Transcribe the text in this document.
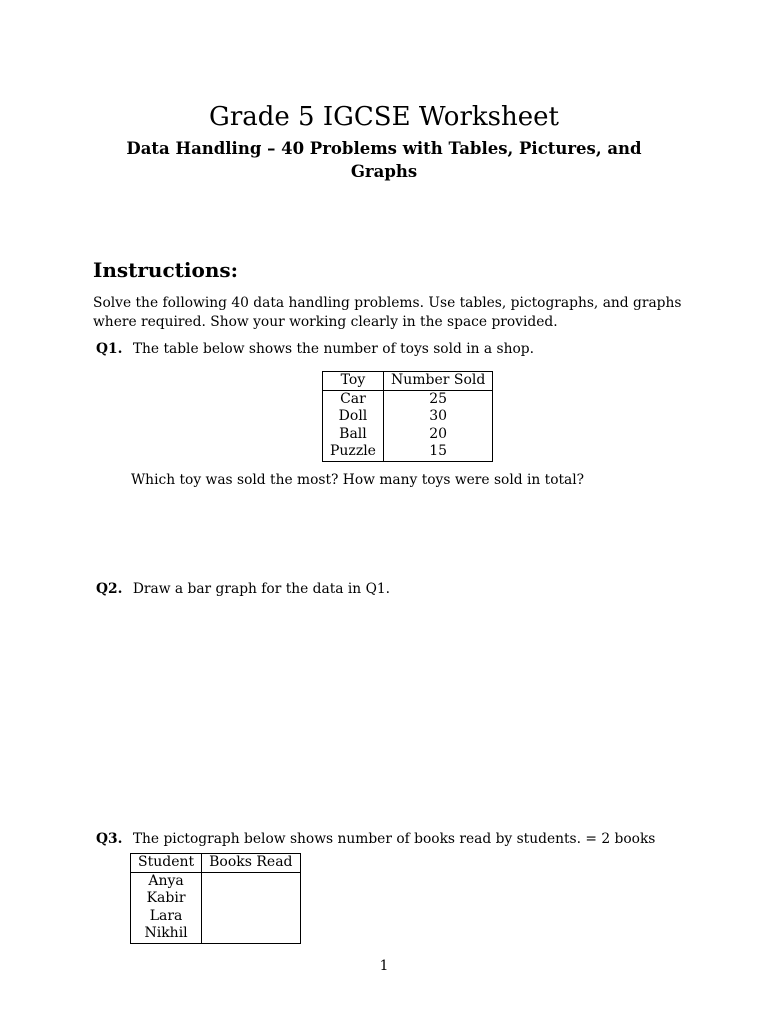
Grade 5 IGCSE Worksheet
Data Handling – 40 Problems with Tables, Pictures, and Graphs
Instructions:
Solve the following 40 data handling problems. Use tables, pictographs, and graphs where required. Show your working clearly in the space provided.
Q1. The table below shows the number of toys sold in a shop.
Toy	Number Sold
Car	25
Doll	30
Ball	20
Puzzle	15
Which toy was sold the most? How many toys were sold in total?
Q2. Draw a bar graph for the data in Q1.
Q3. The pictograph below shows number of books read by students. = 2 books
Student	Books Read
Anya	
Kabir	
Lara	
Nikhil	
1
